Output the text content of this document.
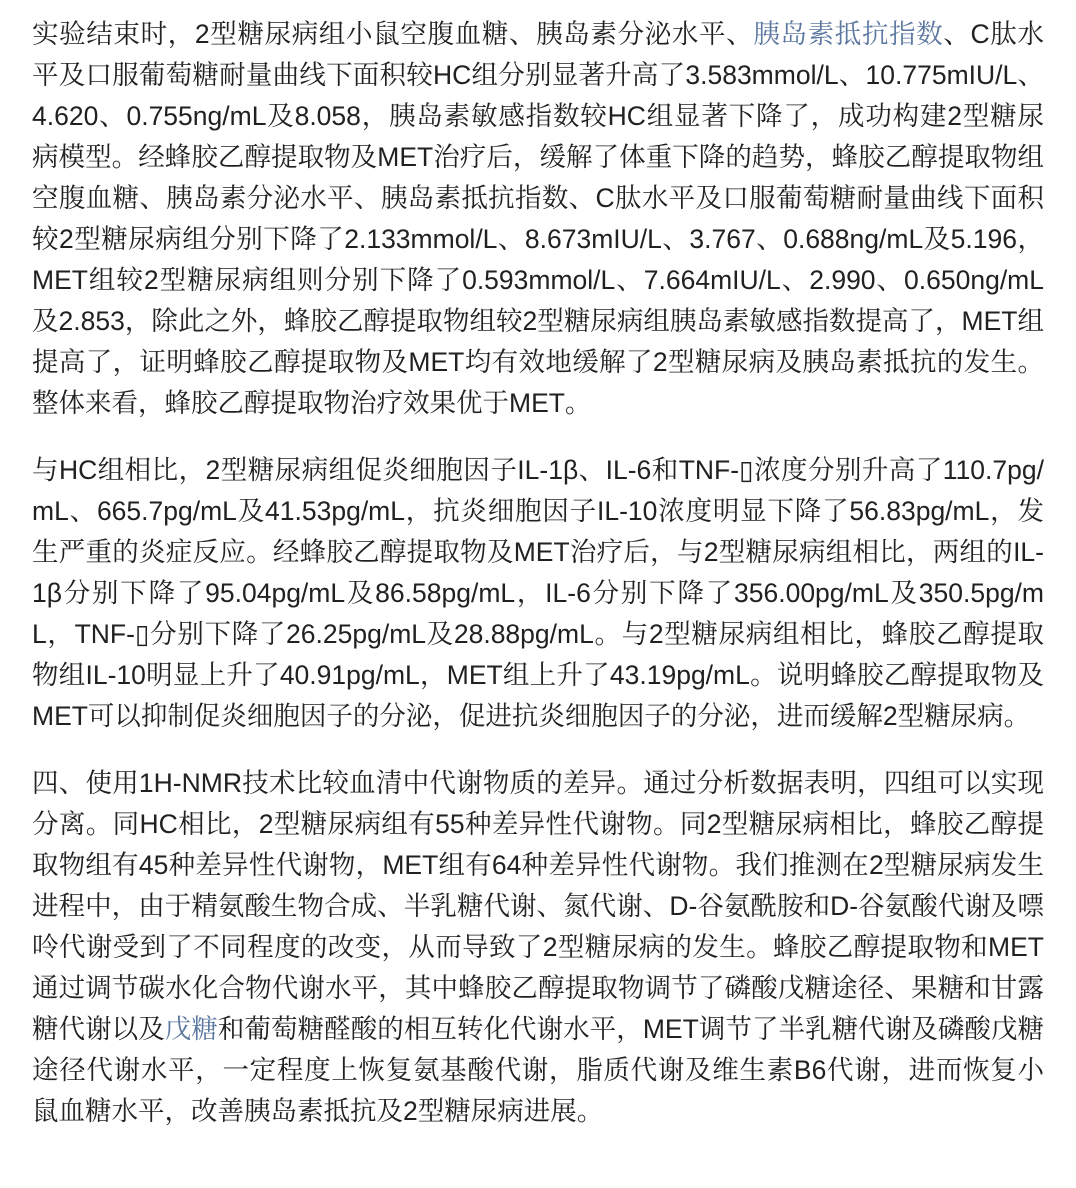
实验结束时，2型糖尿病组小鼠空腹血糖、胰岛素分泌水平、胰岛素抵抗指数、C肽水平及口服葡萄糖耐量曲线下面积较HC组分别显著升高了3.583mmol/L、10.775mIU/L、4.620、0.755ng/mL及8.058，胰岛素敏感指数较HC组显著下降了，成功构建2型糖尿病模型。经蜂胶乙醇提取物及MET治疗后，缓解了体重下降的趋势，蜂胶乙醇提取物组空腹血糖、胰岛素分泌水平、胰岛素抵抗指数、C肽水平及口服葡萄糖耐量曲线下面积较2型糖尿病组分别下降了2.133mmol/L、8.673mIU/L、3.767、0.688ng/mL及5.196，MET组较2型糖尿病组则分别下降了0.593mmol/L、7.664mIU/L、2.990、0.650ng/mL及2.853，除此之外，蜂胶乙醇提取物组较2型糖尿病组胰岛素敏感指数提高了，MET组提高了，证明蜂胶乙醇提取物及MET均有效地缓解了2型糖尿病及胰岛素抵抗的发生。整体来看，蜂胶乙醇提取物治疗效果优于MET。

与HC组相比，2型糖尿病组促炎细胞因子IL-1β、IL-6和TNF-▯浓度分别升高了110.7pg/mL、665.7pg/mL及41.53pg/mL，抗炎细胞因子IL-10浓度明显下降了56.83pg/mL，发生严重的炎症反应。经蜂胶乙醇提取物及MET治疗后，与2型糖尿病组相比，两组的IL-1β分别下降了95.04pg/mL及86.58pg/mL，IL-6分别下降了356.00pg/mL及350.5pg/mL，TNF-▯分别下降了26.25pg/mL及28.88pg/mL。与2型糖尿病组相比，蜂胶乙醇提取物组IL-10明显上升了40.91pg/mL，MET组上升了43.19pg/mL。说明蜂胶乙醇提取物及MET可以抑制促炎细胞因子的分泌，促进抗炎细胞因子的分泌，进而缓解2型糖尿病。

四、使用1H-NMR技术比较血清中代谢物质的差异。通过分析数据表明，四组可以实现分离。同HC相比，2型糖尿病组有55种差异性代谢物。同2型糖尿病相比，蜂胶乙醇提取物组有45种差异性代谢物，MET组有64种差异性代谢物。我们推测在2型糖尿病发生进程中，由于精氨酸生物合成、半乳糖代谢、氮代谢、D-谷氨酰胺和D-谷氨酸代谢及嘌呤代谢受到了不同程度的改变，从而导致了2型糖尿病的发生。蜂胶乙醇提取物和MET通过调节碳水化合物代谢水平，其中蜂胶乙醇提取物调节了磷酸戊糖途径、果糖和甘露糖代谢以及戊糖和葡萄糖醛酸的相互转化代谢水平，MET调节了半乳糖代谢及磷酸戊糖途径代谢水平，一定程度上恢复氨基酸代谢，脂质代谢及维生素B6代谢，进而恢复小鼠血糖水平，改善胰岛素抵抗及2型糖尿病进展。
